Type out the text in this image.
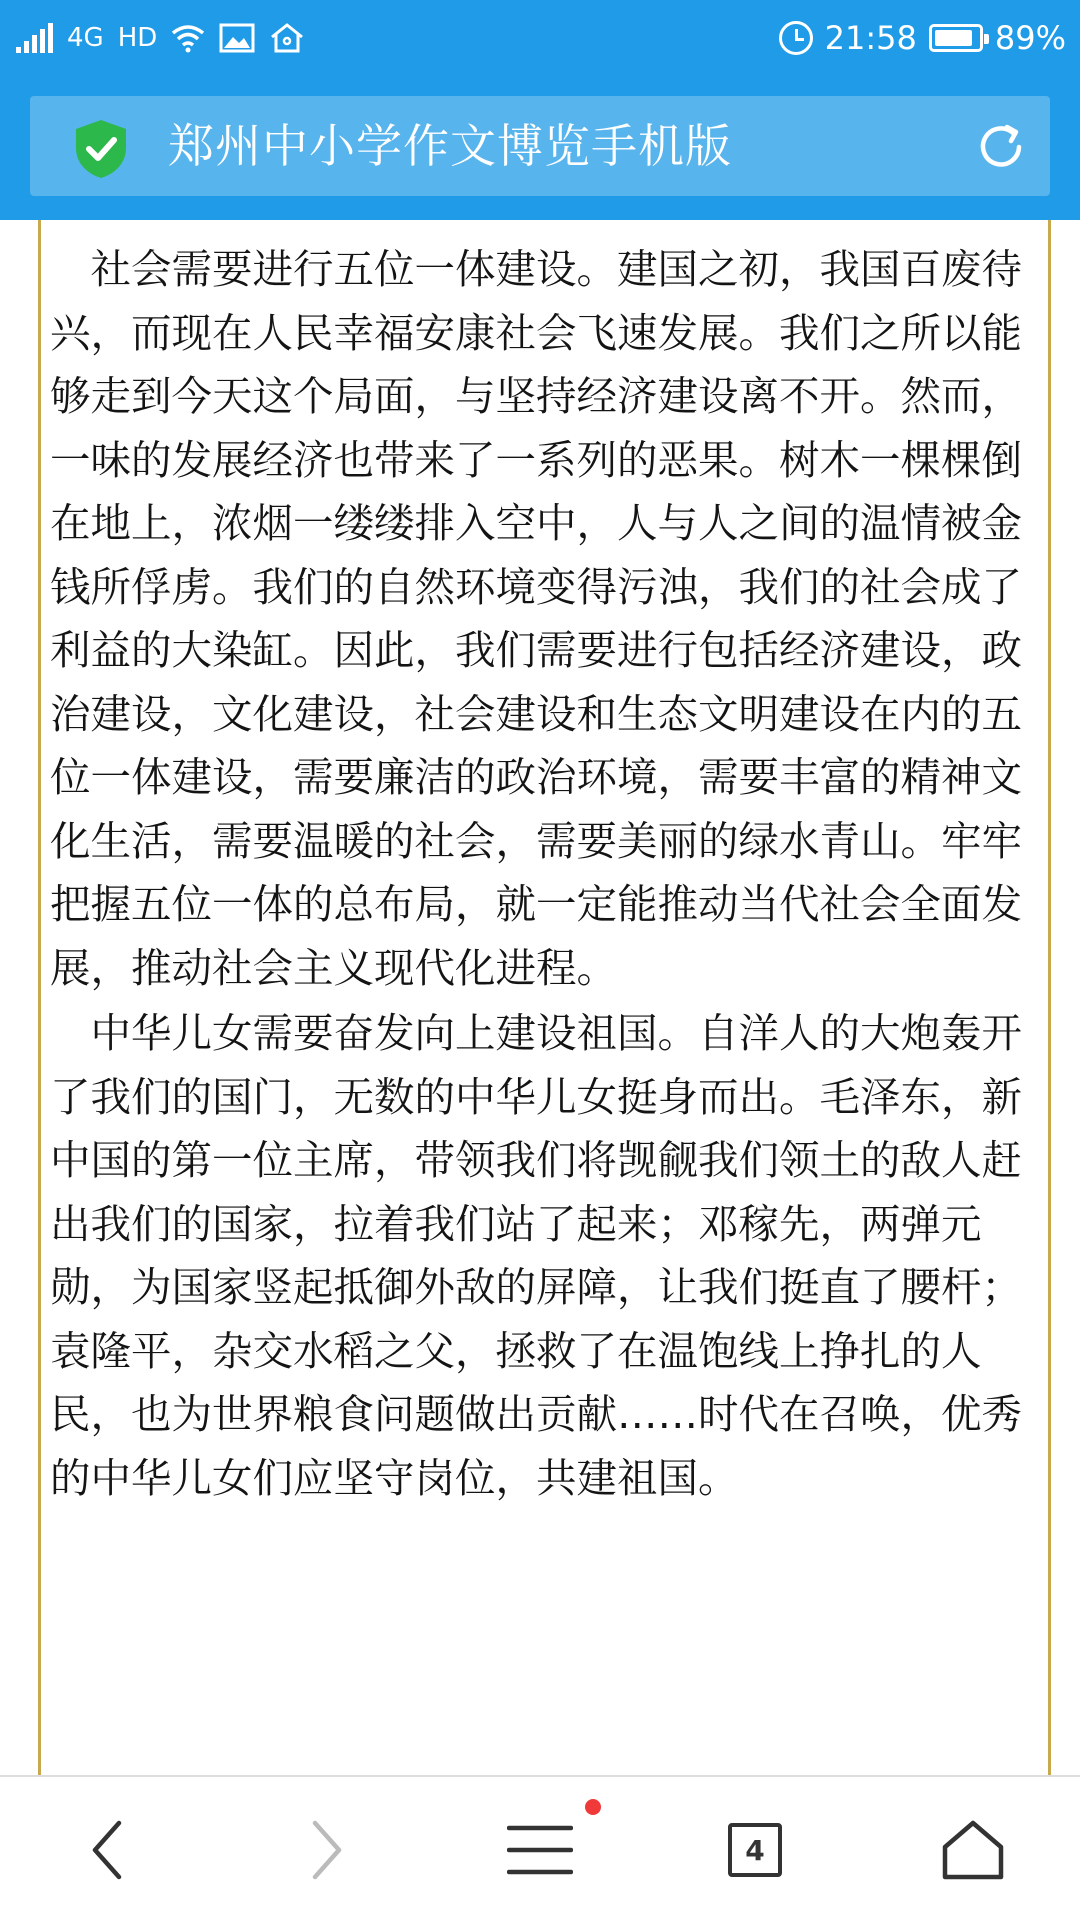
4G HD	21:58 89%
郑州中小学作文博览手机版

社会需要进行五位一体建设。建国之初，我国百废待兴，而现在人民幸福安康社会飞速发展。我们之所以能够走到今天这个局面，与坚持经济建设离不开。然而，一味的发展经济也带来了一系列的恶果。树木一棵棵倒在地上，浓烟一缕缕排入空中，人与人之间的温情被金钱所俘虏。我们的自然环境变得污浊，我们的社会成了利益的大染缸。因此，我们需要进行包括经济建设，政治建设，文化建设，社会建设和生态文明建设在内的五位一体建设，需要廉洁的政治环境，需要丰富的精神文化生活，需要温暖的社会，需要美丽的绿水青山。牢牢把握五位一体的总布局，就一定能推动当代社会全面发展，推动社会主义现代化进程。

中华儿女需要奋发向上建设祖国。自洋人的大炮轰开了我们的国门，无数的中华儿女挺身而出。毛泽东，新中国的第一位主席，带领我们将觊觎我们领土的敌人赶出我们的国家，拉着我们站了起来；邓稼先，两弹元勋，为国家竖起抵御外敌的屏障，让我们挺直了腰杆；袁隆平，杂交水稻之父，拯救了在温饱线上挣扎的人民，也为世界粮食问题做出贡献……时代在召唤，优秀的中华儿女们应坚守岗位，共建祖国。

4
